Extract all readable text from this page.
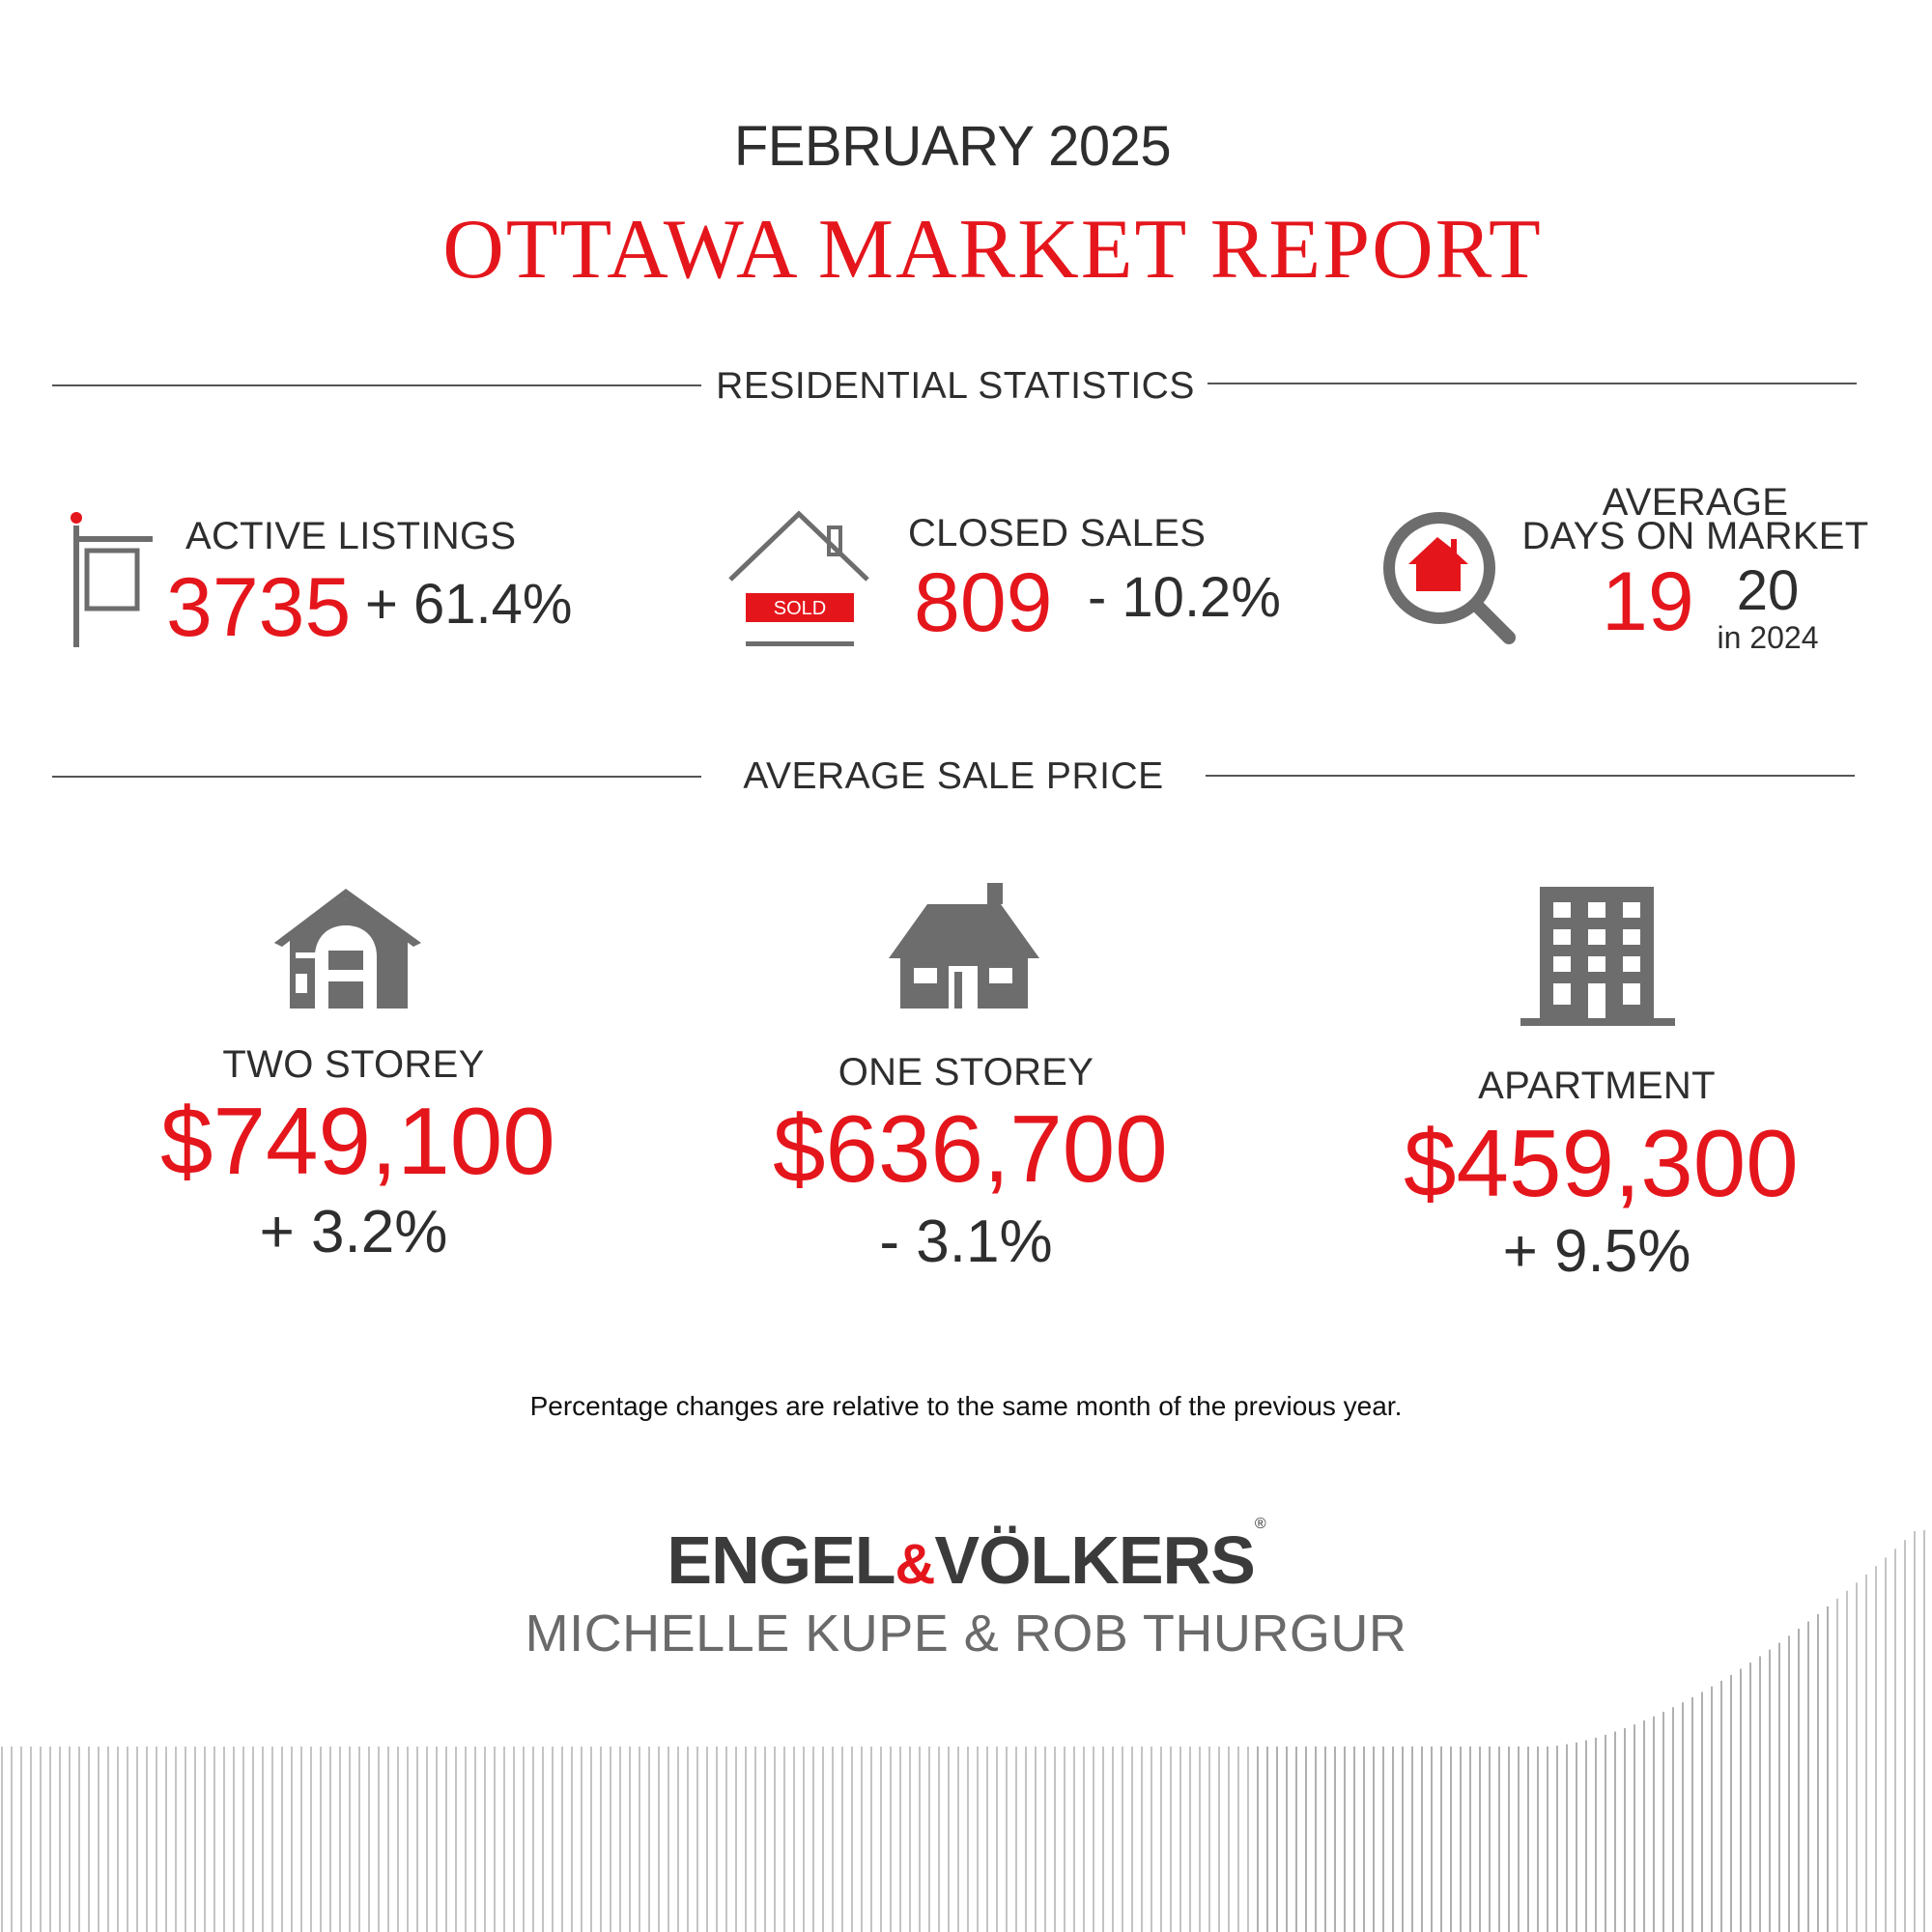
FEBRUARY 2025
OTTAWA MARKET REPORT
RESIDENTIAL STATISTICS
ACTIVE LISTINGS
3735 + 61.4%	SOLD
CLOSED SALES
809 - 10.2%
AVERAGE
DAYS ON MARKET
19 20
in 2024
AVERAGE SALE PRICE
TWO STOREY
$749,100
+ 3.2%
ONE STOREY
$636,700
- 3.1%
APARTMENT
$459,300
+ 9.5%
Percentage changes are relative to the same month of the previous year.
ENGEL&VÖLKERS®
MICHELLE KUPE & ROB THURGUR
